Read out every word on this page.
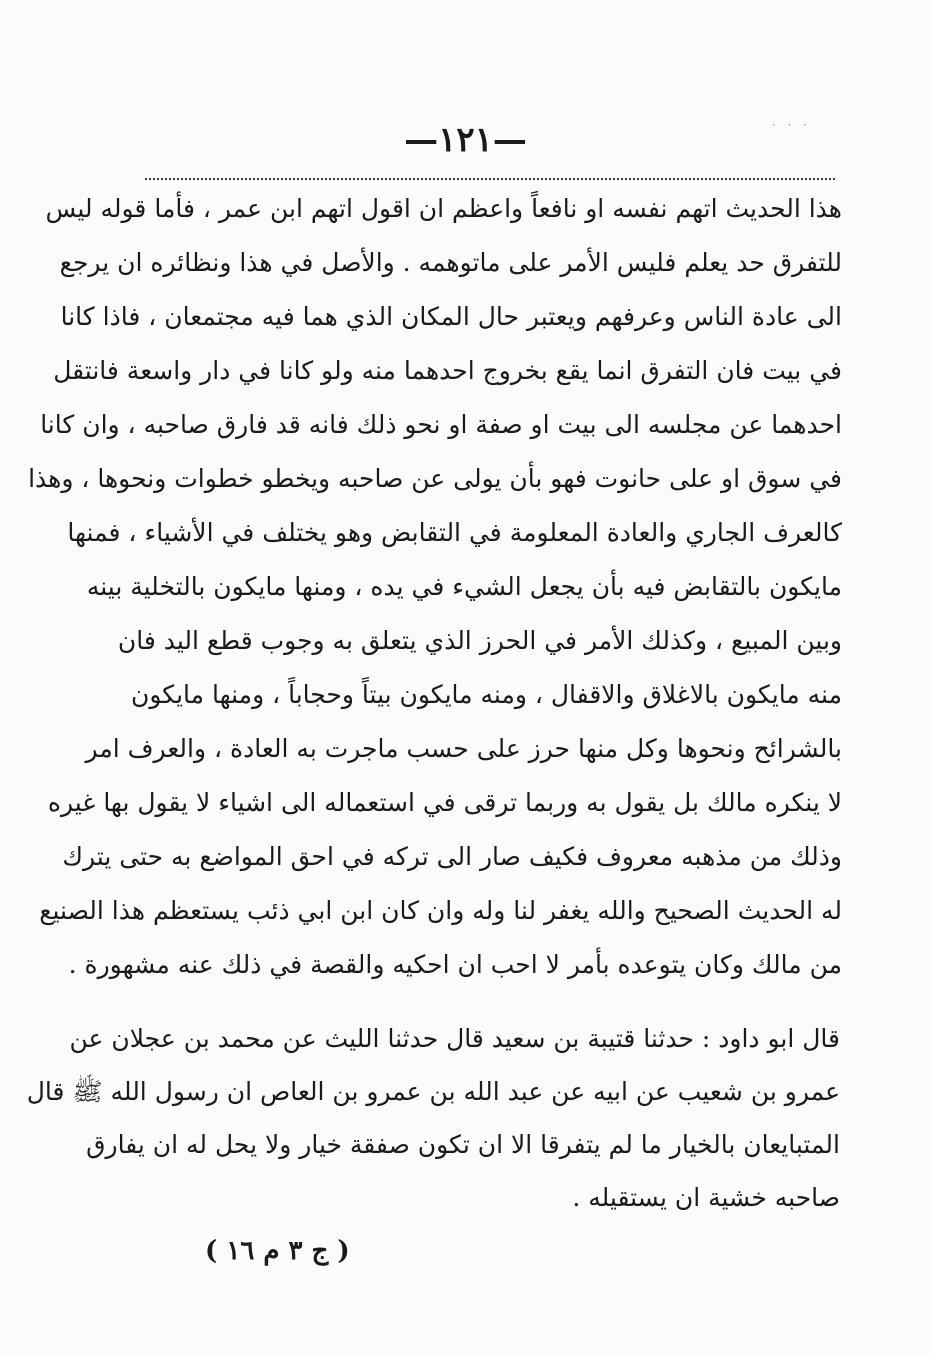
· · ·
—١٢١—
هذا الحديث اتهم نفسه او نافعاً واعظم ان اقول اتهم ابن عمر ، فأما قوله ليس
للتفرق حد يعلم فليس الأمر على ماتوهمه . والأصل في هذا ونظائره ان يرجع
الى عادة الناس وعرفهم ويعتبر حال المكان الذي هما فيه مجتمعان ، فاذا كانا
في بيت فان التفرق انما يقع بخروج احدهما منه ولو كانا في دار واسعة فانتقل
احدهما عن مجلسه الى بيت او صفة او نحو ذلك فانه قد فارق صاحبه ، وان كانا
في سوق او على حانوت فهو بأن يولى عن صاحبه ويخطو خطوات ونحوها ، وهذا
كالعرف الجاري والعادة المعلومة في التقابض وهو يختلف في الأشياء ، فمنها
مايكون بالتقابض فيه بأن يجعل الشيء في يده ، ومنها مايكون بالتخلية بينه
وبين المبيع ، وكذلك الأمر في الحرز الذي يتعلق به وجوب قطع اليد فان
منه مايكون بالاغلاق والاقفال ، ومنه مايكون بيتاً وحجاباً ، ومنها مايكون
بالشرائح ونحوها وكل منها حرز على حسب ماجرت به العادة ، والعرف امر
لا ينكره مالك بل يقول به وربما ترقى في استعماله الى اشياء لا يقول بها غيره
وذلك من مذهبه معروف فكيف صار الى تركه في احق المواضع به حتى يترك
له الحديث الصحيح والله يغفر لنا وله وان كان ابن ابي ذئب يستعظم هذا الصنيع
من مالك وكان يتوعده بأمر لا احب ان احكيه والقصة في ذلك عنه مشهورة .
قال ابو داود : حدثنا قتيبة بن سعيد قال حدثنا الليث عن محمد بن عجلان عن
عمرو بن شعيب عن ابيه عن عبد الله بن عمرو بن العاص ان رسول الله ﷺ قال
المتبايعان بالخيار ما لم يتفرقا الا ان تكون صفقة خيار ولا يحل له ان يفارق
صاحبه خشية ان يستقيله .
( ج ٣ م ١٦ )
